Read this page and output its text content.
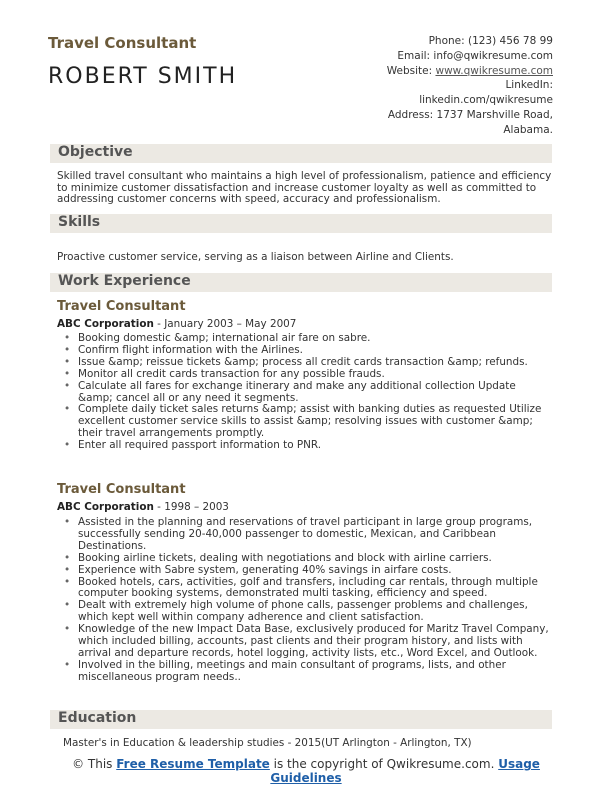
Travel Consultant
ROBERT SMITH
Phone: (123) 456 78 99
Email: info@qwikresume.com
Website: www.qwikresume.com
LinkedIn:
linkedin.com/qwikresume
Address: 1737 Marshville Road,
Alabama.
Objective
Skilled travel consultant who maintains a high level of professionalism, patience and efficiency to minimize customer dissatisfaction and increase customer loyalty as well as committed to addressing customer concerns with speed, accuracy and professionalism.
Skills
Proactive customer service, serving as a liaison between Airline and Clients.
Work Experience
Travel Consultant
ABC Corporation - January 2003 – May 2007
• Booking domestic &amp; international air fare on sabre.
• Confirm flight information with the Airlines.
• Issue &amp; reissue tickets &amp; process all credit cards transaction &amp; refunds.
• Monitor all credit cards transaction for any possible frauds.
• Calculate all fares for exchange itinerary and make any additional collection Update &amp; cancel all or any need it segments.
• Complete daily ticket sales returns &amp; assist with banking duties as requested Utilize excellent customer service skills to assist &amp; resolving issues with customer &amp; their travel arrangements promptly.
• Enter all required passport information to PNR.
Travel Consultant
ABC Corporation - 1998 – 2003
• Assisted in the planning and reservations of travel participant in large group programs, successfully sending 20-40,000 passenger to domestic, Mexican, and Caribbean Destinations.
• Booking airline tickets, dealing with negotiations and block with airline carriers.
• Experience with Sabre system, generating 40% savings in airfare costs.
• Booked hotels, cars, activities, golf and transfers, including car rentals, through multiple computer booking systems, demonstrated multi tasking, efficiency and speed.
• Dealt with extremely high volume of phone calls, passenger problems and challenges, which kept well within company adherence and client satisfaction.
• Knowledge of the new Impact Data Base, exclusively produced for Maritz Travel Company, which included billing, accounts, past clients and their program history, and lists with arrival and departure records, hotel logging, activity lists, etc., Word Excel, and Outlook.
• Involved in the billing, meetings and main consultant of programs, lists, and other miscellaneous program needs..
Education
Master's in Education & leadership studies - 2015(UT Arlington - Arlington, TX)
© This Free Resume Template is the copyright of Qwikresume.com. Usage
Guidelines
